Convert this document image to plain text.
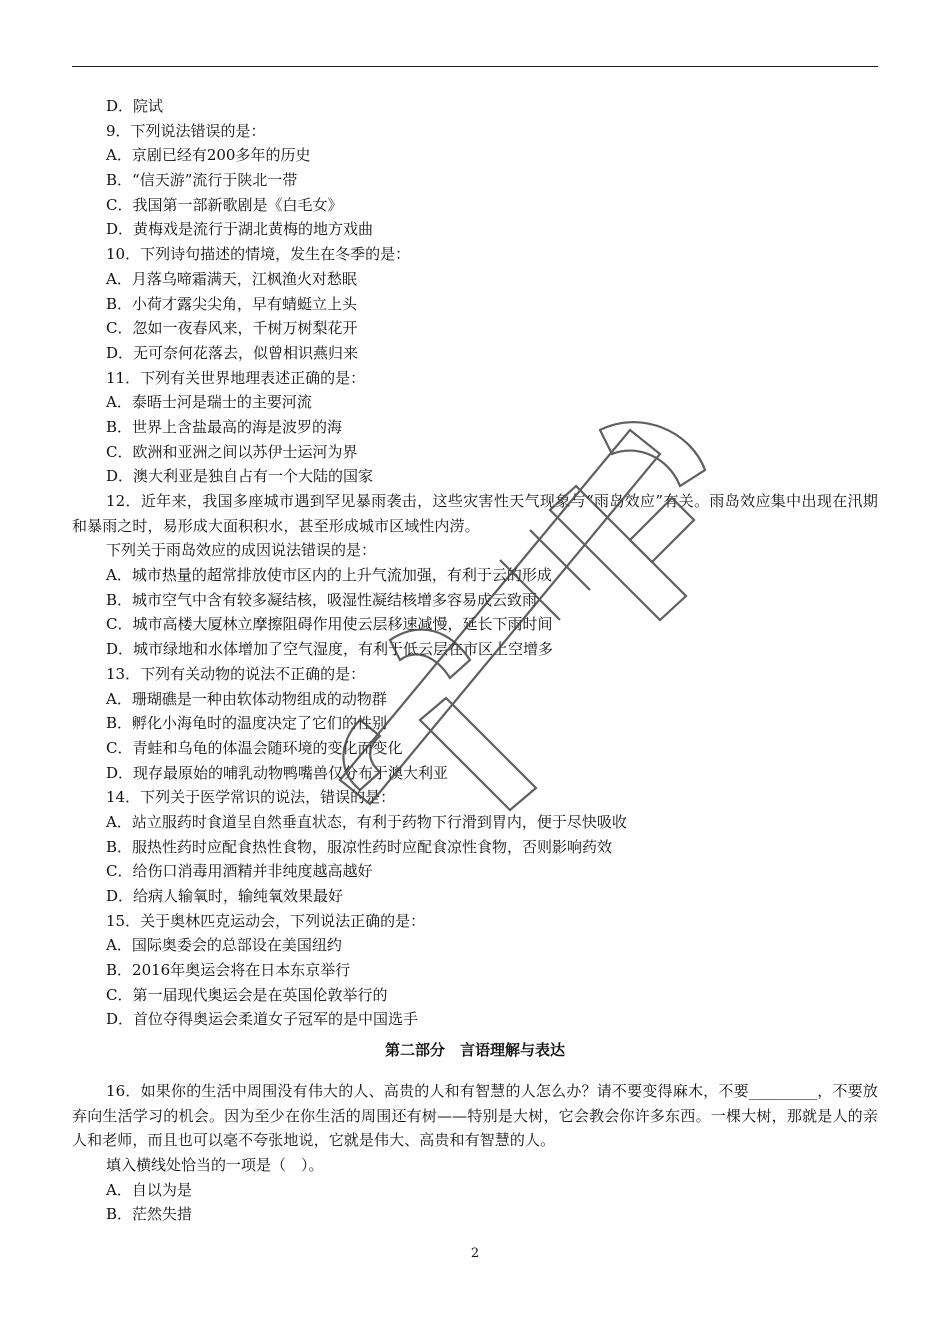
D．院试
9．下列说法错误的是：
A．京剧已经有200多年的历史
B．“信天游”流行于陕北一带
C．我国第一部新歌剧是《白毛女》
D．黄梅戏是流行于湖北黄梅的地方戏曲
10．下列诗句描述的情境，发生在冬季的是：
A．月落乌啼霜满天，江枫渔火对愁眠
B．小荷才露尖尖角，早有蜻蜓立上头
C．忽如一夜春风来，千树万树梨花开
D．无可奈何花落去，似曾相识燕归来
11．下列有关世界地理表述正确的是：
A．泰晤士河是瑞士的主要河流
B．世界上含盐最高的海是波罗的海
C．欧洲和亚洲之间以苏伊士运河为界
D．澳大利亚是独自占有一个大陆的国家
12．近年来，我国多座城市遇到罕见暴雨袭击，这些灾害性天气现象与“雨岛效应”有关。雨岛效应集中出现在汛期和暴雨之时，易形成大面积积水，甚至形成城市区域性内涝。
下列关于雨岛效应的成因说法错误的是：
A．城市热量的超常排放使市区内的上升气流加强，有利于云的形成
B．城市空气中含有较多凝结核，吸湿性凝结核增多容易成云致雨
C．城市高楼大厦林立摩擦阻碍作用使云层移速减慢，延长下雨时间
D．城市绿地和水体增加了空气湿度，有利于低云层在市区上空增多
13．下列有关动物的说法不正确的是：
A．珊瑚礁是一种由软体动物组成的动物群
B．孵化小海龟时的温度决定了它们的性别
C．青蛙和乌龟的体温会随环境的变化而变化
D．现存最原始的哺乳动物鸭嘴兽仅分布于澳大利亚
14．下列关于医学常识的说法，错误的是：
A．站立服药时食道呈自然垂直状态，有利于药物下行滑到胃内，便于尽快吸收
B．服热性药时应配食热性食物，服凉性药时应配食凉性食物，否则影响药效
C．给伤口消毒用酒精并非纯度越高越好
D．给病人输氧时，输纯氧效果最好
15．关于奥林匹克运动会，下列说法正确的是：
A．国际奥委会的总部设在美国纽约
B．2016年奥运会将在日本东京举行
C．第一届现代奥运会是在英国伦敦举行的
D．首位夺得奥运会柔道女子冠军的是中国选手
第二部分　言语理解与表达
16．如果你的生活中周围没有伟大的人、高贵的人和有智慧的人怎么办？请不要变得麻木，不要_________，不要放弃向生活学习的机会。因为至少在你生活的周围还有树——特别是大树，它会教会你许多东西。一棵大树，那就是人的亲人和老师，而且也可以毫不夸张地说，它就是伟大、高贵和有智慧的人。
填入横线处恰当的一项是（　）。
A．自以为是
B．茫然失措
2
